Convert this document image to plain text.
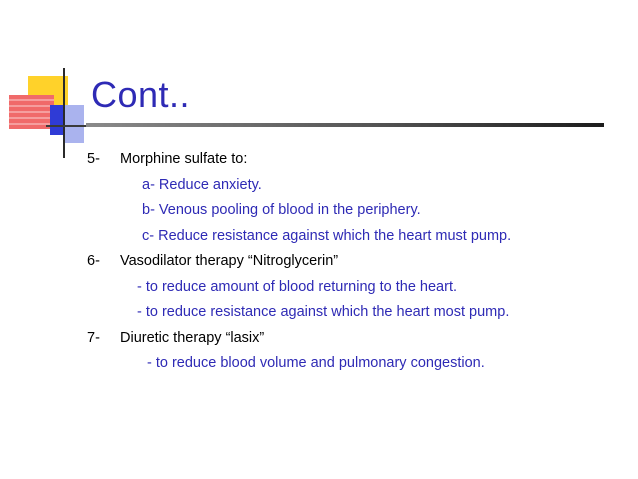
Cont..
5- Morphine sulfate to:
a- Reduce anxiety.
b- Venous pooling of blood in the periphery.
c- Reduce resistance against which the heart must pump.
6- Vasodilator therapy “Nitroglycerin”
- to reduce amount of blood returning to the heart.
- to reduce resistance against which the heart most pump.
7- Diuretic therapy “lasix”
- to reduce blood volume and pulmonary congestion.
